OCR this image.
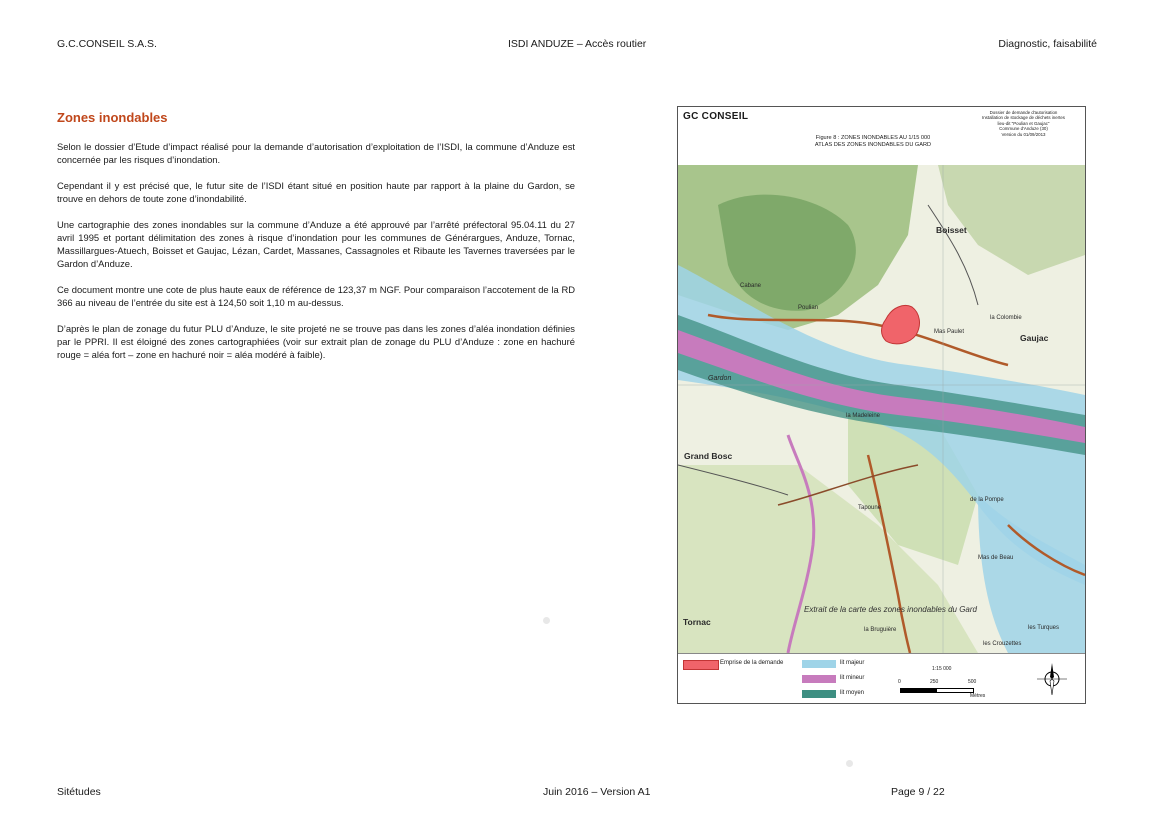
G.C.CONSEIL S.A.S.	ISDI ANDUZE – Accès routier	Diagnostic, faisabilité
Zones inondables

Selon le dossier d’Etude d’impact réalisé pour la demande d’autorisation d’exploitation de l’ISDI, la commune d’Anduze est concernée par les risques d’inondation.

Cependant il y est précisé que, le futur site de l’ISDI étant situé en position haute par rapport à la plaine du Gardon, se trouve en dehors de toute zone d’inondabilité.

Une cartographie des zones inondables sur la commune d’Anduze a été approuvé par l’arrêté préfectoral 95.04.11 du 27 avril 1995 et portant délimitation des zones à risque d’inondation pour les communes de Générargues, Anduze, Tornac, Massillargues-Atuech, Boisset et Gaujac, Lézan, Cardet, Massanes, Cassagnoles et Ribaute les Tavernes traversées par le Gardon d’Anduze.

Ce document montre une cote de plus haute eaux de référence de 123,37 m NGF. Pour comparaison l’accotement de la RD 366 au niveau de l’entrée du site est à 124,50 soit 1,10 m au-dessus.

D’après le plan de zonage du futur PLU d’Anduze, le site projeté ne se trouve pas dans les zones d’aléa inondation définies par le PPRI. Il est éloigné des zones cartographiées (voir sur extrait plan de zonage du PLU d’Anduze : zone en hachuré rouge = aléa fort – zone en hachuré noir = aléa modéré à faible).

GC CONSEIL
Figure 8 : ZONES INONDABLES AU 1/15 000
ATLAS DES ZONES INONDABLES DU GARD
Dossier de demande d'autorisation
Installation de stockage de déchets inertes
lieu-dit "Poulian et Gaujac"
Commune d'Anduze (30)
Version du 01/09/2013
Boisset
Gaujac
Grand Bosc
Tornac
Mas Paulet
la Colombie
la Madeleine
Tapoune
de la Pompe
la Bruguière	les Turques
Mas de Beau
les Crouzettes
Gardon
Poulian
Cabane
Extrait de la carte des zones inondables du Gard
Emprise de la demande	lit majeur
lit mineur
lit moyen
1:15 000
0	250	500
Mètres
Sitétudes	Juin 2016 – Version A1	Page 9 / 22
